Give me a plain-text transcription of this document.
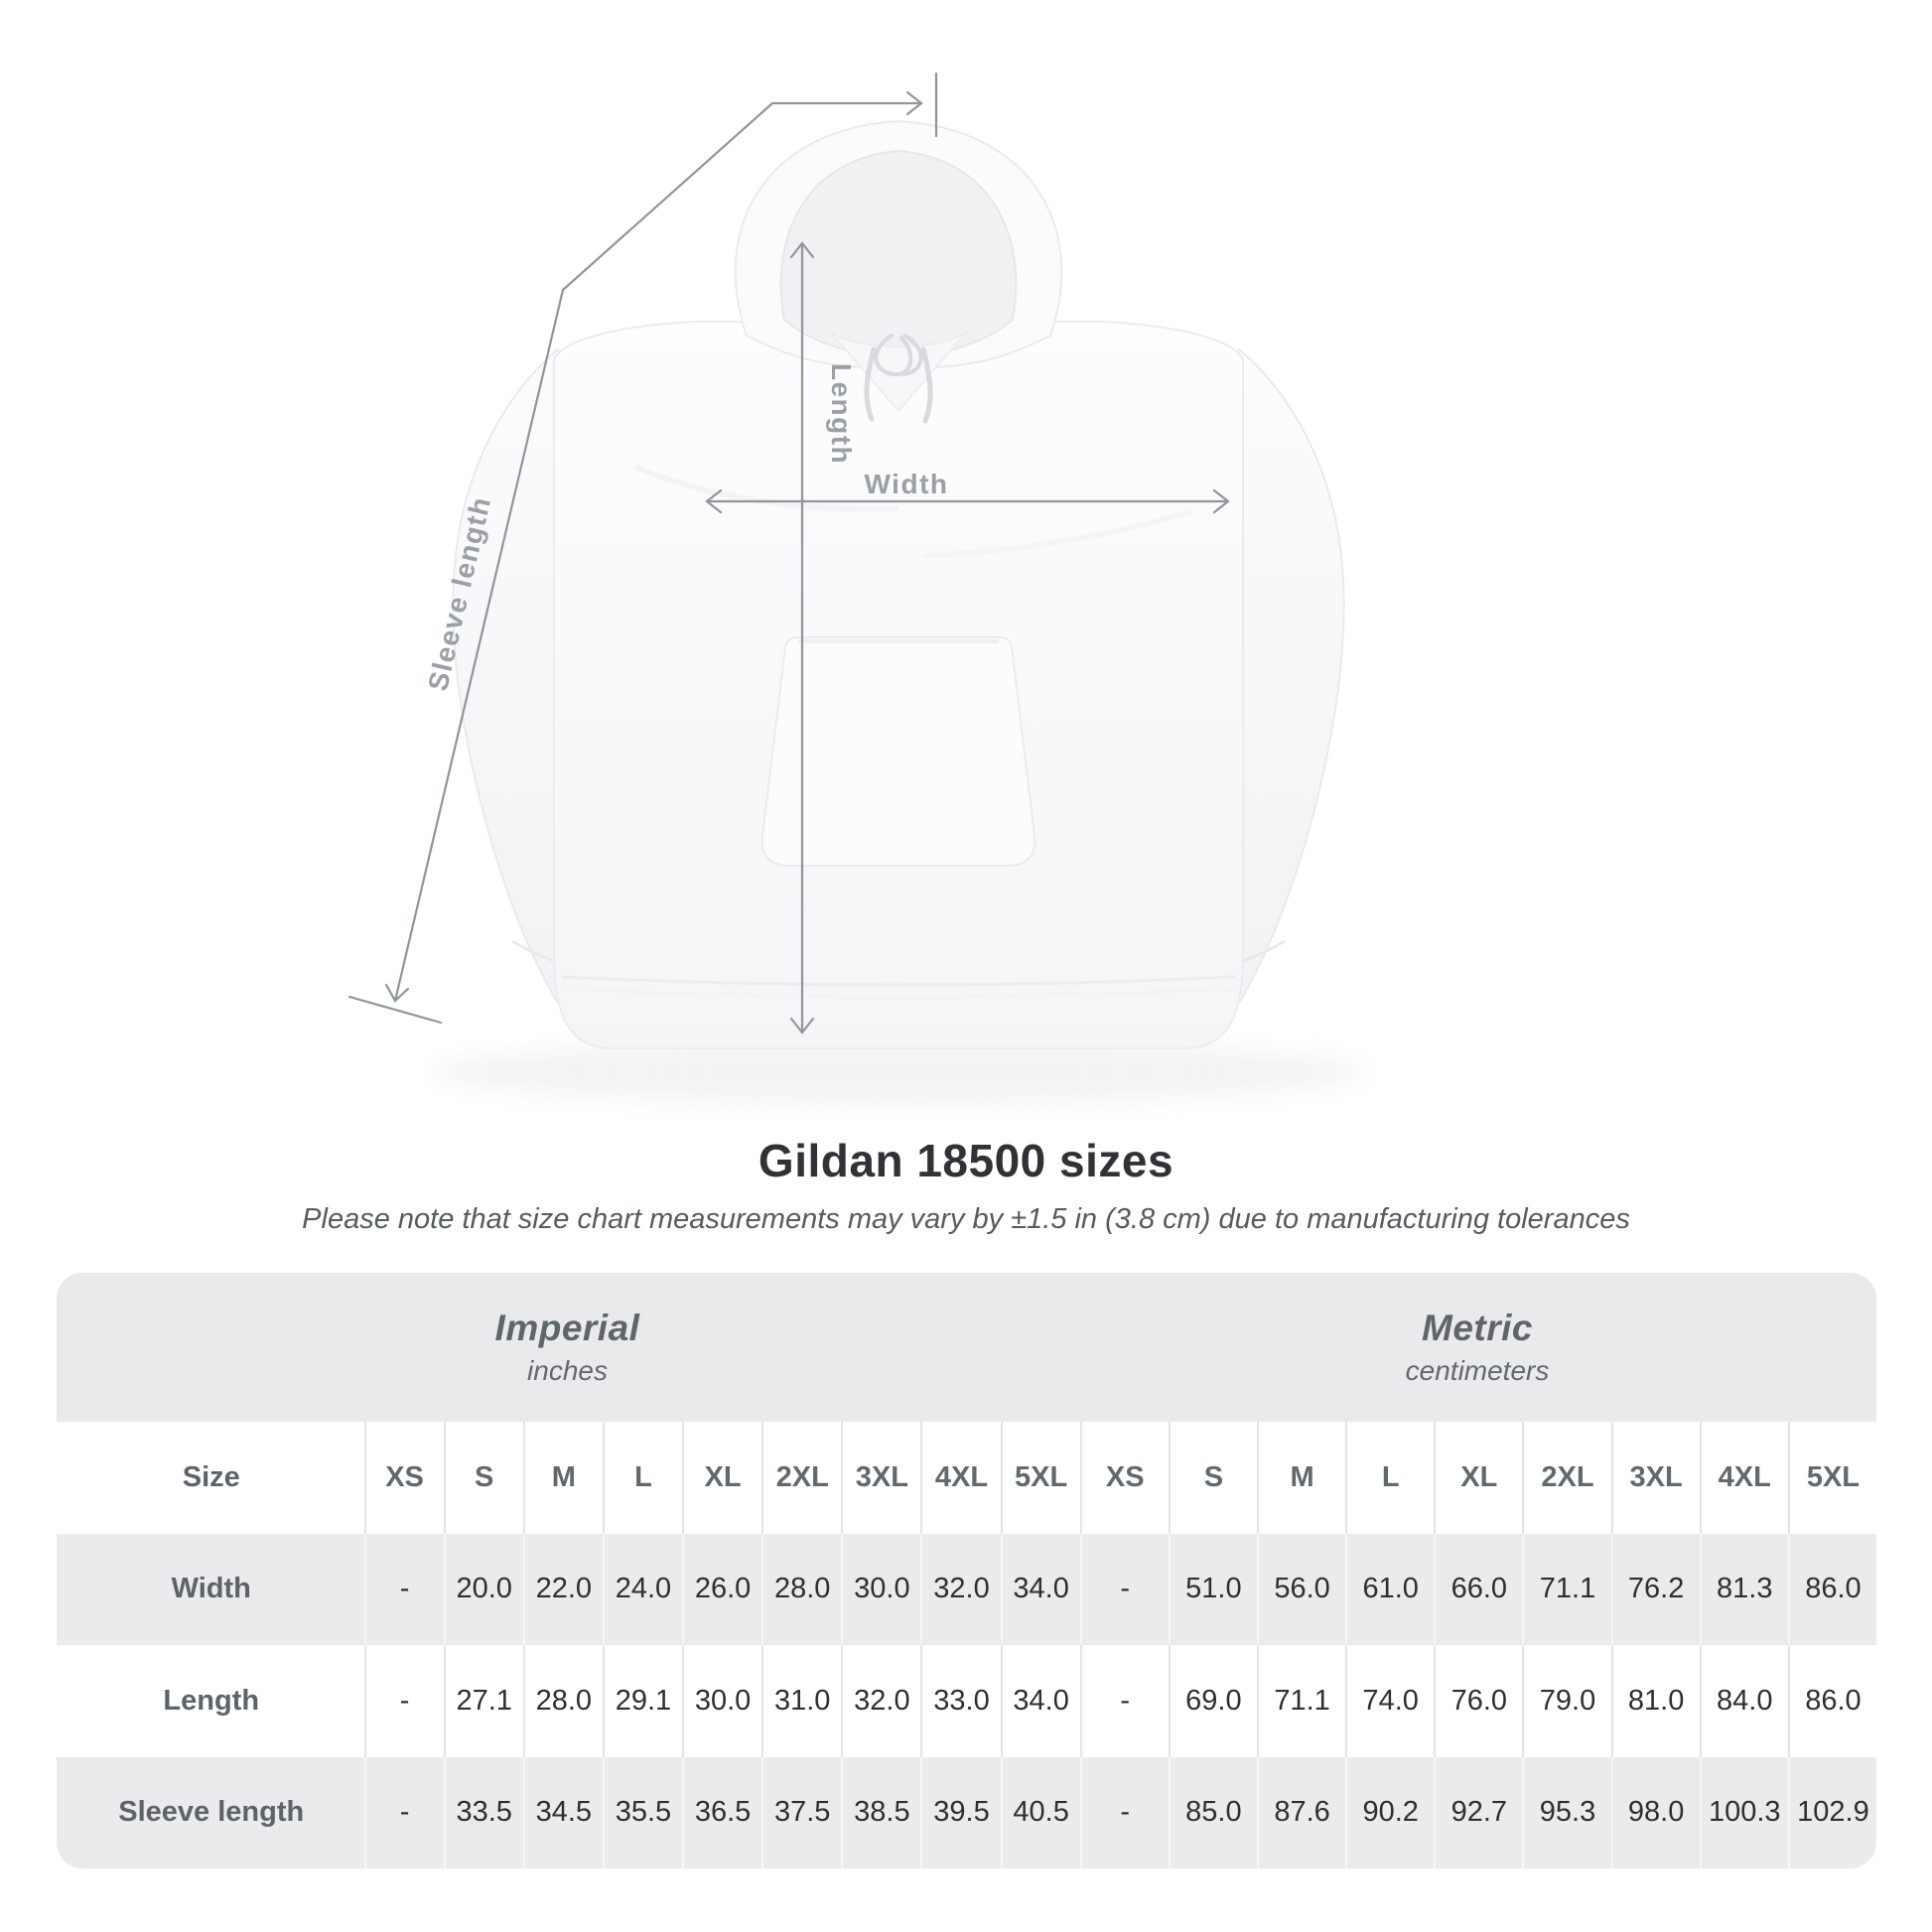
Length
Width
Sleeve length
Gildan 18500 sizes
Please note that size chart measurements may vary by ±1.5 in (3.8 cm) due to manufacturing tolerances
Imperial
inches
Metric
centimeters
Size	XS	S	M	L	XL	2XL 3XL 4XL 5XL	XS	S	M	L	XL	2XL	3XL	4XL	5XL
Width	-	20.0 22.0 24.0 26.0 28.0 30.0 32.0 34.0	-	51.0	56.0	61.0	66.0	71.1	76.2	81.3	86.0
Length	-	27.1 28.0 29.1 30.0 31.0 32.0 33.0 34.0	-	69.0	71.1	74.0	76.0	79.0	81.0	84.0	86.0
Sleeve length	-	33.5 34.5 35.5 36.5 37.5 38.5 39.5 40.5	-	85.0	87.6	90.2	92.7	95.3	98.0 100.3 102.9
